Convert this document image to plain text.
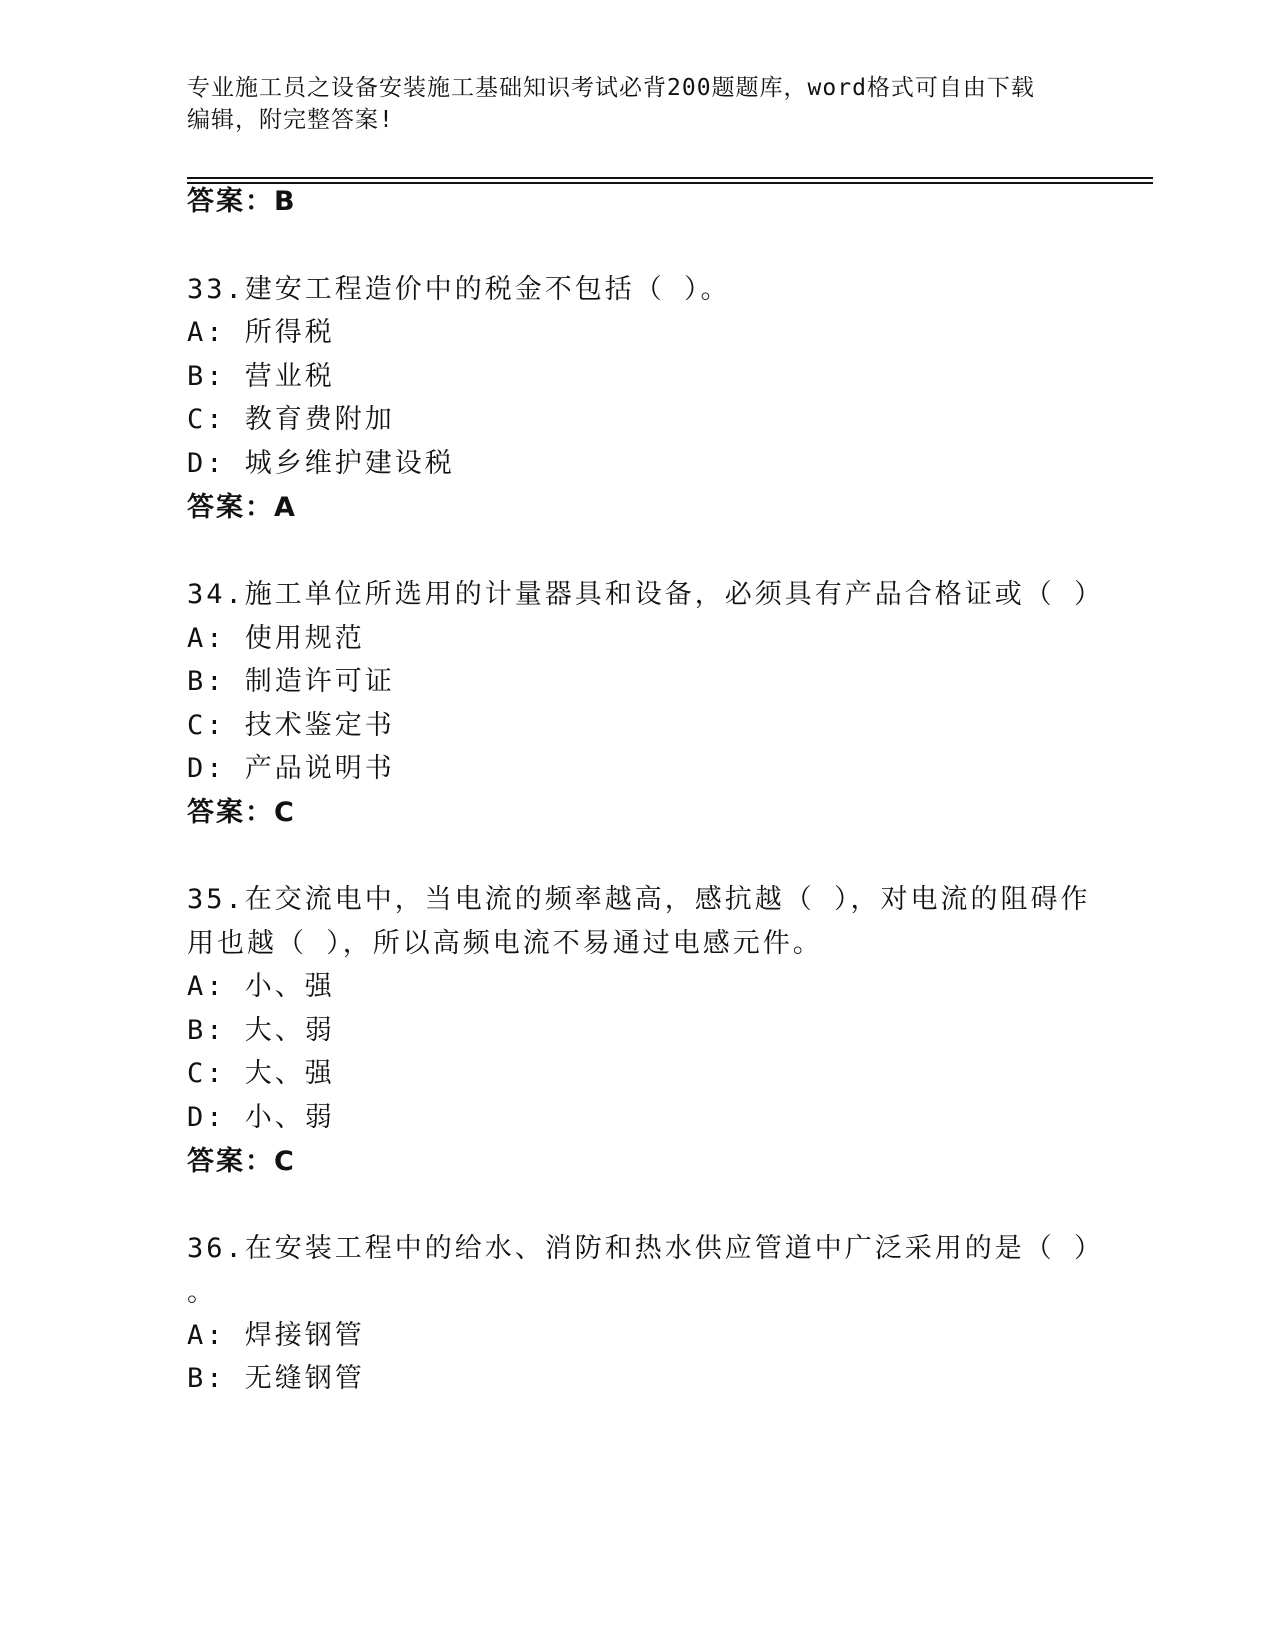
专业施工员之设备安装施工基础知识考试必背200题题库，word格式可自由下载
编辑，附完整答案!
答案：B
33.建安工程造价中的税金不包括（ ）。
A: 所得税
B: 营业税
C: 教育费附加
D: 城乡维护建设税
答案：A
34.施工单位所选用的计量器具和设备，必须具有产品合格证或（ ）
A: 使用规范
B: 制造许可证
C: 技术鉴定书
D: 产品说明书
答案：C
35.在交流电中，当电流的频率越高，感抗越（ ），对电流的阻碍作
用也越（ ），所以高频电流不易通过电感元件。
A: 小、强
B: 大、弱
C: 大、强
D: 小、弱
答案：C
36.在安装工程中的给水、消防和热水供应管道中广泛采用的是（ ）
。
A: 焊接钢管
B: 无缝钢管
